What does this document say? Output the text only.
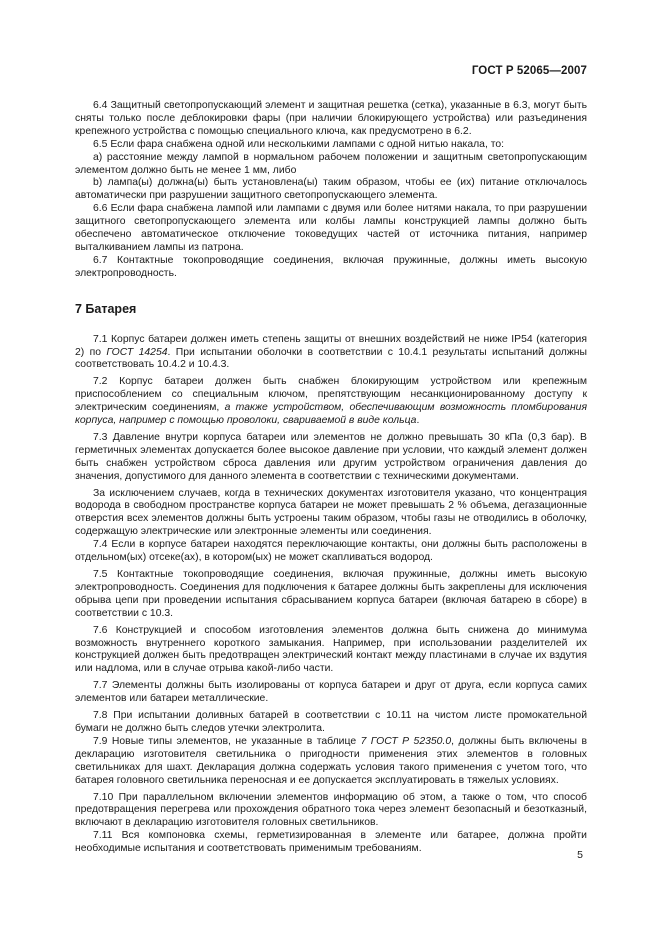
ГОСТ Р 52065—2007

6.4 Защитный светопропускающий элемент и защитная решетка (сетка), указанные в 6.3, могут быть сняты только после деблокировки фары (при наличии блокирующего устройства) или разъединения крепежного устройства с помощью специального ключа, как предусмотрено в 6.2.

6.5 Если фара снабжена одной или несколькими лампами с одной нитью накала, то:

a) расстояние между лампой в нормальном рабочем положении и защитным светопропускающим элементом должно быть не менее 1 мм, либо

b) лампа(ы) должна(ы) быть установлена(ы) таким образом, чтобы ее (их) питание отключалось автоматически при разрушении защитного светопропускающего элемента.

6.6 Если фара снабжена лампой или лампами с двумя или более нитями накала, то при разрушении защитного светопропускающего элемента или колбы лампы конструкцией лампы должно быть обеспечено автоматическое отключение токоведущих частей от источника питания, например выталкиванием лампы из патрона.

6.7 Контактные токопроводящие соединения, включая пружинные, должны иметь высокую электропроводность.

7 Батарея

7.1 Корпус батареи должен иметь степень защиты от внешних воздействий не ниже IP54 (категория 2) по ГОСТ 14254. При испытании оболочки в соответствии с 10.4.1 результаты испытаний должны соответствовать 10.4.2 и 10.4.3.

7.2 Корпус батареи должен быть снабжен блокирующим устройством или крепежным приспособлением со специальным ключом, препятствующим несанкционированному доступу к электрическим соединениям, а также устройством, обеспечивающим возможность пломбирования корпуса, например с помощью проволоки, свариваемой в виде кольца.

7.3 Давление внутри корпуса батареи или элементов не должно превышать 30 кПа (0,3 бар). В герметичных элементах допускается более высокое давление при условии, что каждый элемент должен быть снабжен устройством сброса давления или другим устройством ограничения давления до значения, допустимого для данного элемента в соответствии с техническими документами.

За исключением случаев, когда в технических документах изготовителя указано, что концентрация водорода в свободном пространстве корпуса батареи не может превышать 2 % объема, дегазационные отверстия всех элементов должны быть устроены таким образом, чтобы газы не отводились в оболочку, содержащую электрические или электронные элементы или соединения.

7.4 Если в корпусе батареи находятся переключающие контакты, они должны быть расположены в отдельном(ых) отсеке(ах), в котором(ых) не может скапливаться водород.

7.5 Контактные токопроводящие соединения, включая пружинные, должны иметь высокую электропроводность. Соединения для подключения к батарее должны быть закреплены для исключения обрыва цепи при проведении испытания сбрасыванием корпуса батареи (включая батарею в сборе) в соответствии с 10.3.

7.6 Конструкцией и способом изготовления элементов должна быть снижена до минимума возможность внутреннего короткого замыкания. Например, при использовании разделителей их конструкцией должен быть предотвращен электрический контакт между пластинами в случае их вздутия или надлома, или в случае отрыва какой-либо части.

7.7 Элементы должны быть изолированы от корпуса батареи и друг от друга, если корпуса самих элементов или батареи металлические.

7.8 При испытании доливных батарей в соответствии с 10.11 на чистом листе промокательной бумаги не должно быть следов утечки электролита.

7.9 Новые типы элементов, не указанные в таблице 7 ГОСТ Р 52350.0, должны быть включены в декларацию изготовителя светильника о пригодности применения этих элементов в головных светильниках для шахт. Декларация должна содержать условия такого применения с учетом того, что батарея головного светильника переносная и ее допускается эксплуатировать в тяжелых условиях.

7.10 При параллельном включении элементов информацию об этом, а также о том, что способ предотвращения перегрева или прохождения обратного тока через элемент безопасный и безотказный, включают в декларацию изготовителя головных светильников.

7.11 Вся компоновка схемы, герметизированная в элементе или батарее, должна пройти необходимые испытания и соответствовать применимым требованиям.

5
